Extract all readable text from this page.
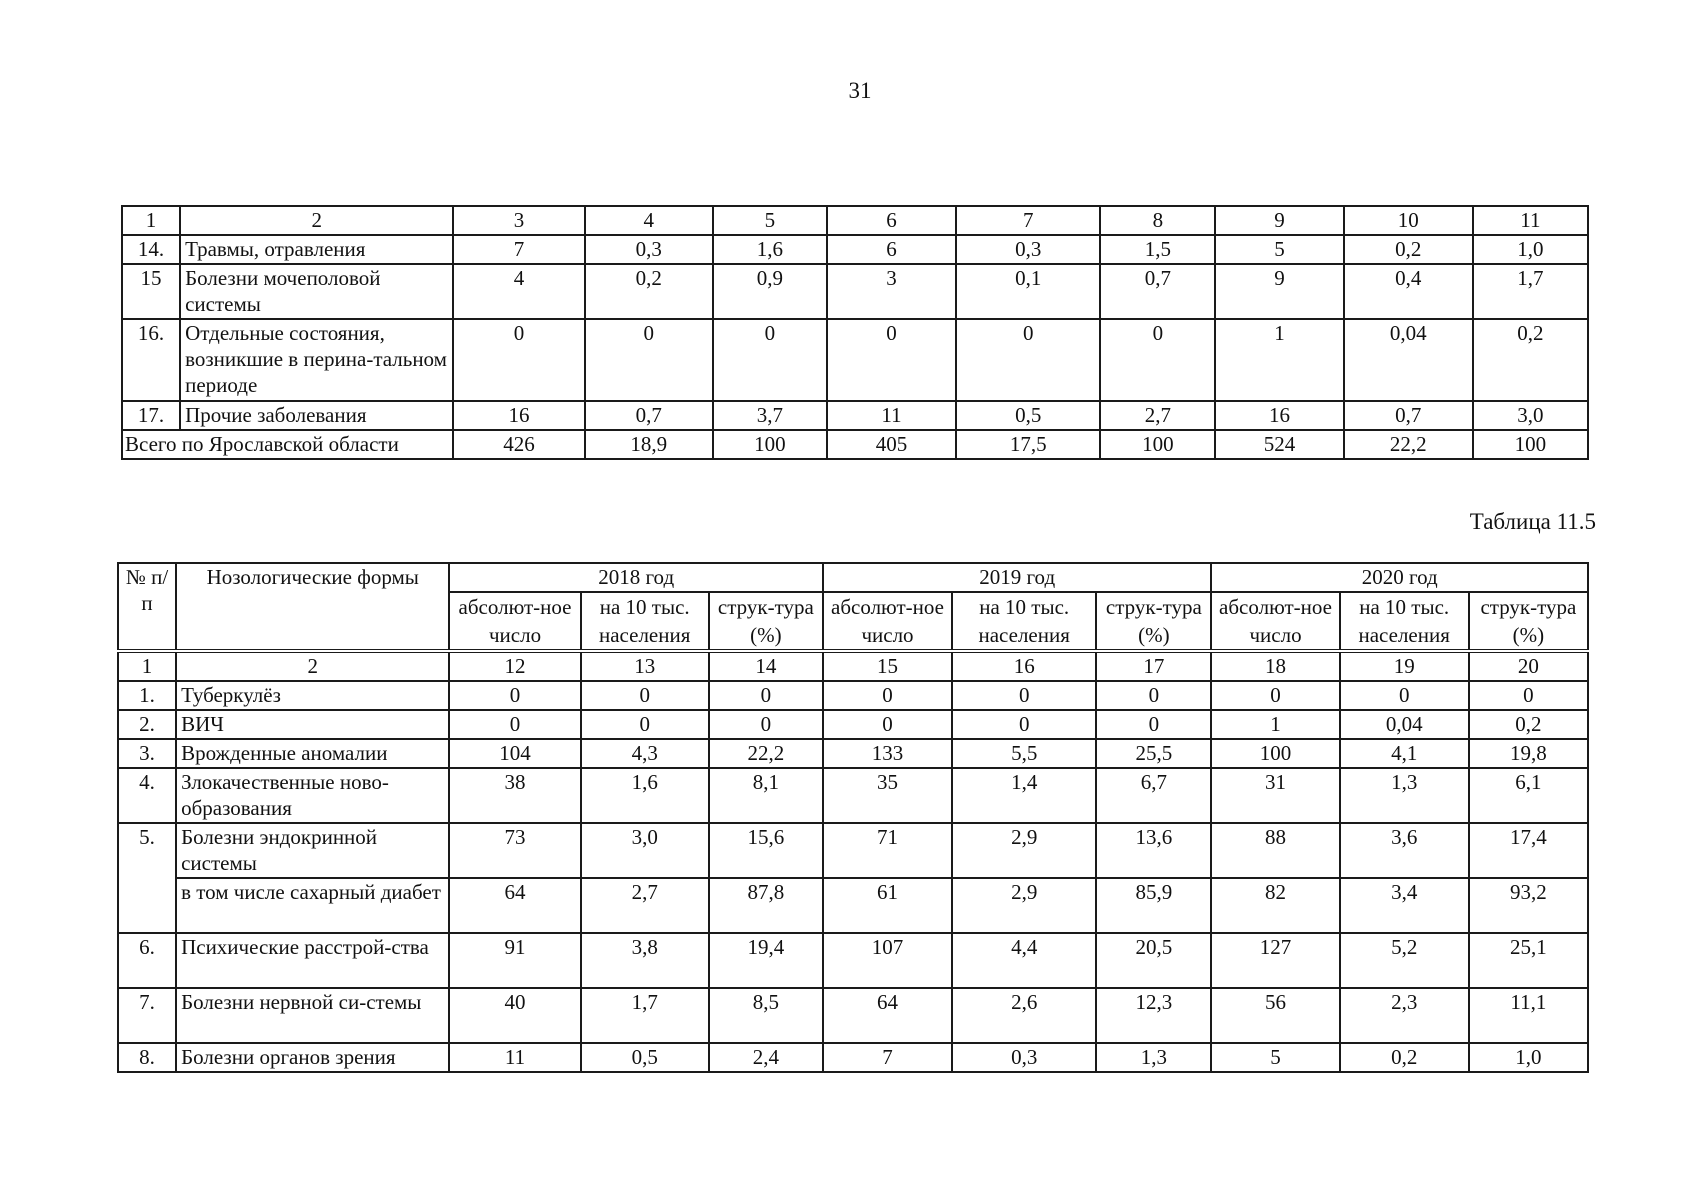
31
1	2	3	4	5	6	7	8	9	10	11
14.	Травмы, отравления	7	0,3	1,6	6	0,3	1,5	5	0,2	1,0
15	Болезни мочеполовой системы	4	0,2	0,9	3	0,1	0,7	9	0,4	1,7
16.	Отдельные состояния, возникшие в перина-тальном периоде	0	0	0	0	0	0	1	0,04	0,2
17.	Прочие заболевания	16	0,7	3,7	11	0,5	2,7	16	0,7	3,0
Всего по Ярославской области		426	18,9	100	405	17,5	100	524	22,2	100
Таблица 11.5
№ п/п	Нозологические формы	2018 год			2019 год			2020 год		
		абсолют-ное число	на 10 тыс. населения	струк-тура (%)	абсолют-ное число	на 10 тыс. населения	струк-тура (%)	абсолют-ное число	на 10 тыс. населения	струк-тура (%)
1	2	12	13	14	15	16	17	18	19	20
1.	Туберкулёз	0	0	0	0	0	0	0	0	0
2.	ВИЧ	0	0	0	0	0	0	1	0,04	0,2
3.	Врожденные аномалии	104	4,3	22,2	133	5,5	25,5	100	4,1	19,8
4.	Злокачественные ново-образования	38	1,6	8,1	35	1,4	6,7	31	1,3	6,1
5.	Болезни эндокринной системы	73	3,0	15,6	71	2,9	13,6	88	3,6	17,4
	в том числе сахарный диабет	64	2,7	87,8	61	2,9	85,9	82	3,4	93,2
6.	Психические расстрой-ства	91	3,8	19,4	107	4,4	20,5	127	5,2	25,1
7.	Болезни нервной си-стемы	40	1,7	8,5	64	2,6	12,3	56	2,3	11,1
8.	Болезни органов зрения	11	0,5	2,4	7	0,3	1,3	5	0,2	1,0
